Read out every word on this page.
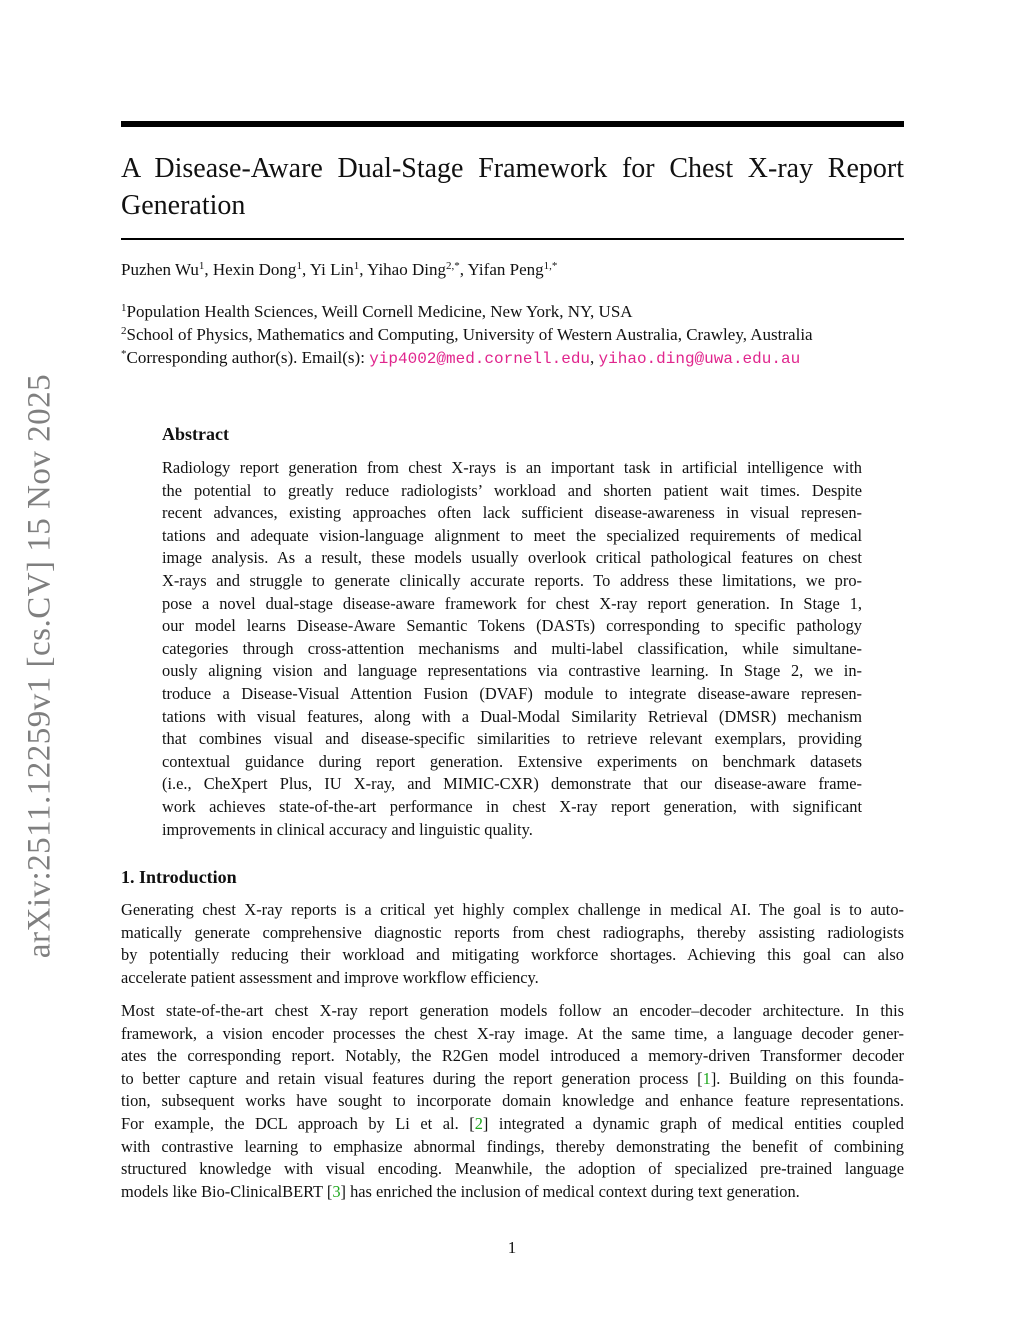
arXiv:2511.12259v1 [cs.CV] 15 Nov 2025
A Disease-Aware Dual-Stage Framework for Chest X-ray Report
Generation
Puzhen Wu$^1$, Hexin Dong$^1$, Yi Lin$^1$, Yihao Ding$^{2,*}$, Yifan Peng$^{1,*}$
$^1$Population Health Sciences, Weill Cornell Medicine, New York, NY, USA
$^2$School of Physics, Mathematics and Computing, University of Western Australia, Crawley, Australia
*Corresponding author(s). Email(s): yip4002@med.cornell.edu, yihao.ding@uwa.edu.au
Abstract
Radiology report generation from chest X-rays is an important task in artificial intelligence with
the potential to greatly reduce radiologists’ workload and shorten patient wait times. Despite
recent advances, existing approaches often lack sufficient disease-awareness in visual represen-
tations and adequate vision-language alignment to meet the specialized requirements of medical
image analysis. As a result, these models usually overlook critical pathological features on chest
X-rays and struggle to generate clinically accurate reports. To address these limitations, we pro-
pose a novel dual-stage disease-aware framework for chest X-ray report generation. In Stage 1,
our model learns Disease-Aware Semantic Tokens (DASTs) corresponding to specific pathology
categories through cross-attention mechanisms and multi-label classification, while simultane-
ously aligning vision and language representations via contrastive learning. In Stage 2, we in-
troduce a Disease-Visual Attention Fusion (DVAF) module to integrate disease-aware represen-
tations with visual features, along with a Dual-Modal Similarity Retrieval (DMSR) mechanism
that combines visual and disease-specific similarities to retrieve relevant exemplars, providing
contextual guidance during report generation. Extensive experiments on benchmark datasets
(i.e., CheXpert Plus, IU X-ray, and MIMIC-CXR) demonstrate that our disease-aware frame-
work achieves state-of-the-art performance in chest X-ray report generation, with significant
improvements in clinical accuracy and linguistic quality.
1. Introduction
Generating chest X-ray reports is a critical yet highly complex challenge in medical AI. The goal is to auto-
matically generate comprehensive diagnostic reports from chest radiographs, thereby assisting radiologists
by potentially reducing their workload and mitigating workforce shortages. Achieving this goal can also
accelerate patient assessment and improve workflow efficiency.
Most state-of-the-art chest X-ray report generation models follow an encoder–decoder architecture. In this
framework, a vision encoder processes the chest X-ray image. At the same time, a language decoder gener-
ates the corresponding report. Notably, the R2Gen model introduced a memory-driven Transformer decoder
to better capture and retain visual features during the report generation process [1]. Building on this founda-
tion, subsequent works have sought to incorporate domain knowledge and enhance feature representations.
For example, the DCL approach by Li et al. [2] integrated a dynamic graph of medical entities coupled
with contrastive learning to emphasize abnormal findings, thereby demonstrating the benefit of combining
structured knowledge with visual encoding. Meanwhile, the adoption of specialized pre-trained language
models like Bio-ClinicalBERT [3] has enriched the inclusion of medical context during text generation.
1
